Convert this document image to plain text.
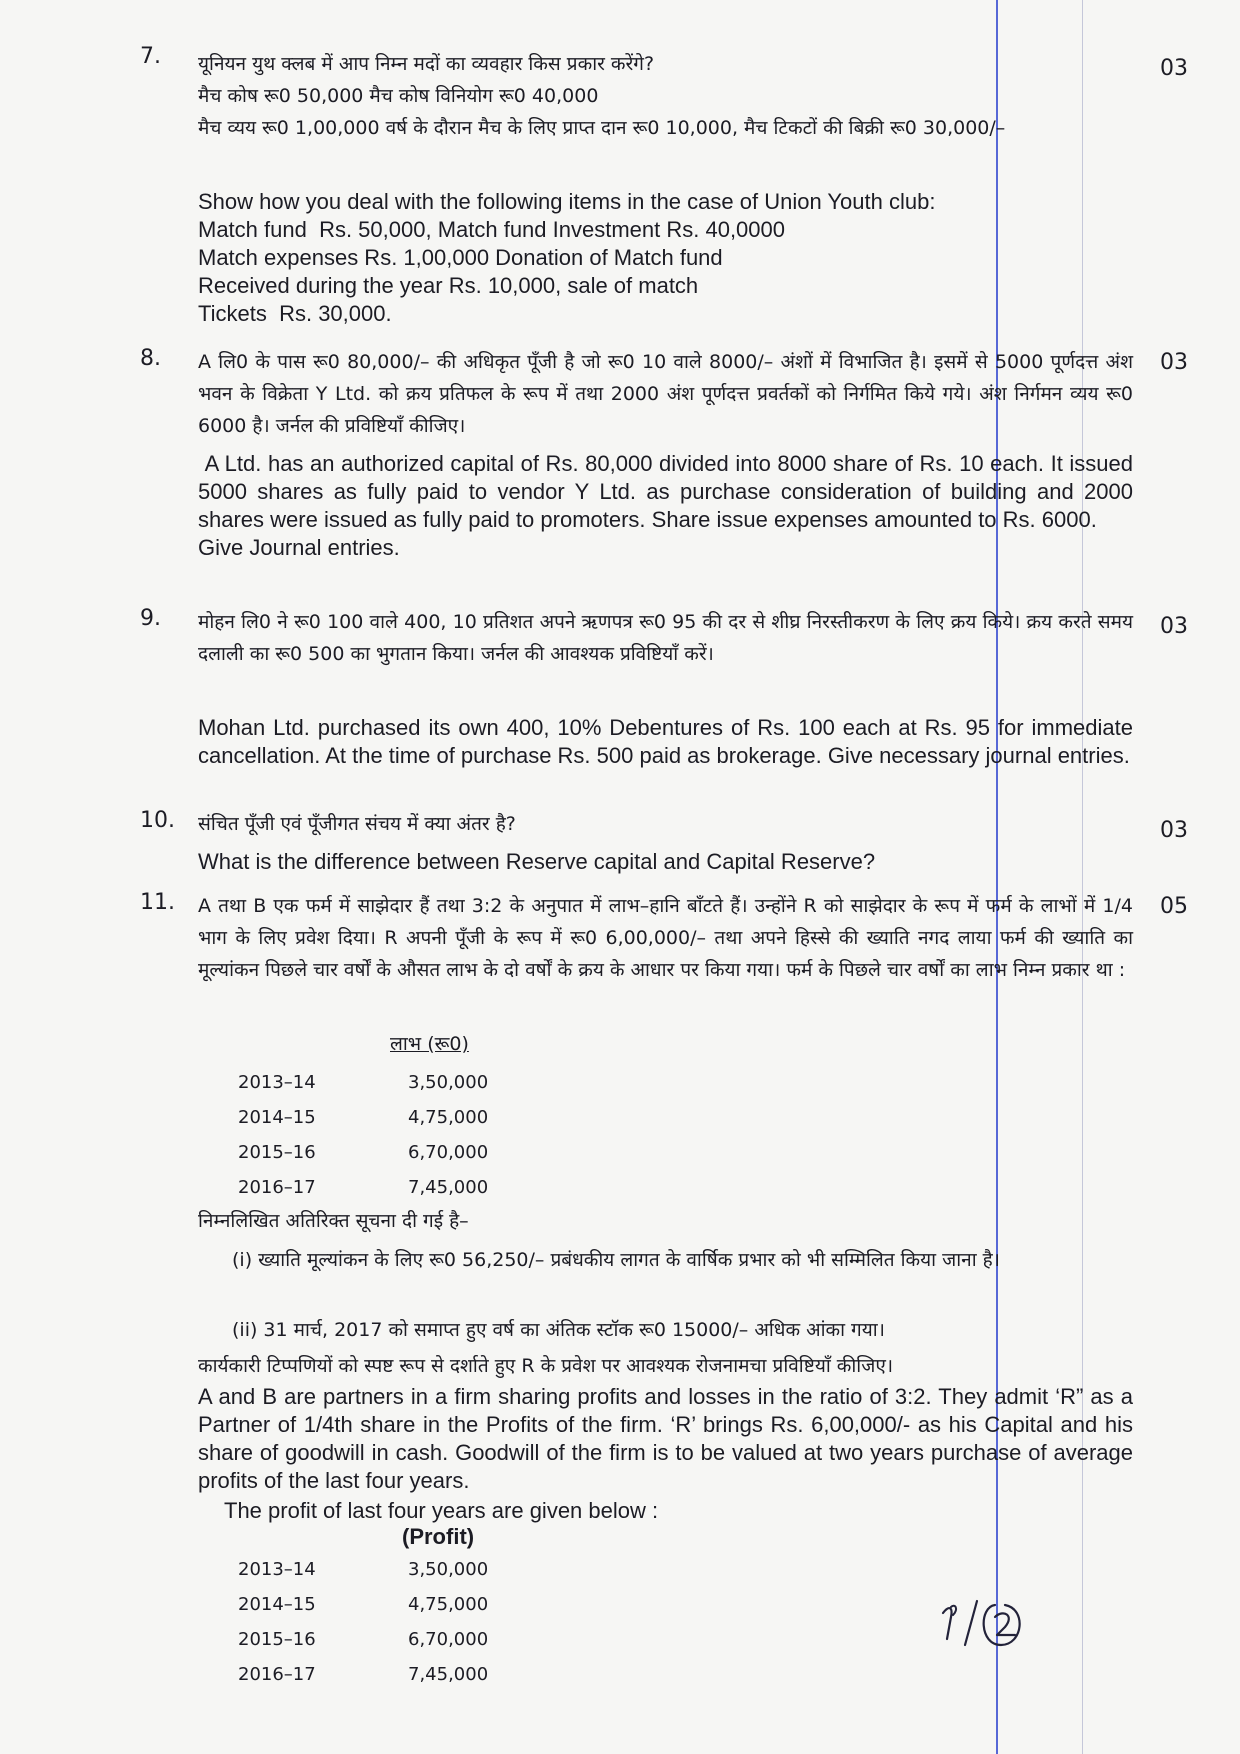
7.	03
यूनियन युथ क्लब में आप निम्न मदों का व्यवहार किस प्रकार करेंगे?
मैच कोष रू0 50,000 मैच कोष विनियोग रू0 40,000
मैच व्यय रू0 1,00,000 वर्ष के दौरान मैच के लिए प्राप्त दान रू0 10,000, मैच टिकटों की बिक्री रू0 30,000/–
Show how you deal with the following items in the case of Union Youth club:
Match fund  Rs. 50,000, Match fund Investment Rs. 40,0000
Match expenses Rs. 1,00,000 Donation of Match fund
Received during the year Rs. 10,000, sale of match
Tickets  Rs. 30,000.
8.	03
A लि0 के पास रू0 80,000/– की अधिकृत पूँजी है जो रू0 10 वाले 8000/– अंशों में विभाजित है। इसमें से 5000 पूर्णदत्त अंश भवन के विक्रेता Y Ltd. को क्रय प्रतिफल के रूप में तथा 2000 अंश पूर्णदत्त प्रवर्तकों को निर्गमित किये गये। अंश निर्गमन व्यय रू0 6000 है। जर्नल की प्रविष्टियाँ कीजिए।
A Ltd. has an authorized capital of Rs. 80,000 divided into 8000 share of Rs. 10 each. It issued 5000 shares as fully paid to vendor Y Ltd. as purchase consideration of building and 2000 shares were issued as fully paid to promoters. Share issue expenses amounted to Rs. 6000.
Give Journal entries.
9.	03
मोहन लि0 ने रू0 100 वाले 400, 10 प्रतिशत अपने ऋणपत्र रू0 95 की दर से शीघ्र निरस्तीकरण के लिए क्रय किये। क्रय करते समय दलाली का रू0 500 का भुगतान किया। जर्नल की आवश्यक प्रविष्टियाँ करें।
Mohan Ltd. purchased its own 400, 10% Debentures of Rs. 100 each at Rs. 95 for immediate cancellation. At the time of purchase Rs. 500 paid as brokerage. Give necessary journal entries.
10.	03
संचित पूँजी एवं पूँजीगत संचय में क्या अंतर है?
What is the difference between Reserve capital and Capital Reserve?
11.	05
A तथा B एक फर्म में साझेदार हैं तथा 3:2 के अनुपात में लाभ–हानि बाँटते हैं। उन्होंने R को साझेदार के रूप में फर्म के लाभों में 1/4 भाग के लिए प्रवेश दिया। R अपनी पूँजी के रूप में रू0 6,00,000/– तथा अपने हिस्से की ख्याति नगद लाया फर्म की ख्याति का मूल्यांकन पिछले चार वर्षों के औसत लाभ के दो वर्षों के क्रय के आधार पर किया गया। फर्म के पिछले चार वर्षों का लाभ निम्न प्रकार था :
लाभ (रू0)
2013–14	3,50,000
2014–15	4,75,000
2015–16	6,70,000
2016–17	7,45,000
निम्नलिखित अतिरिक्त सूचना दी गई है–
(i) ख्याति मूल्यांकन के लिए रू0 56,250/– प्रबंधकीय लागत के वार्षिक प्रभार को भी सम्मिलित किया जाना है।
(ii) 31 मार्च, 2017 को समाप्त हुए वर्ष का अंतिक स्टॉक रू0 15000/– अधिक आंका गया।
कार्यकारी टिप्पणियों को स्पष्ट रूप से दर्शाते हुए R के प्रवेश पर आवश्यक रोजनामचा प्रविष्टियाँ कीजिए।
A and B are partners in a firm sharing profits and losses in the ratio of 3:2. They admit ‘R” as a Partner of 1/4th share in the Profits of the firm. ‘R’ brings Rs. 6,00,000/- as his Capital and his share of goodwill in cash. Goodwill of the firm is to be valued at two years purchase of average profits of the last four years.
The profit of last four years are given below :
(Profit)
2013–14	3,50,000
2014–15	4,75,000
2015–16	6,70,000
2016–17	7,45,000
